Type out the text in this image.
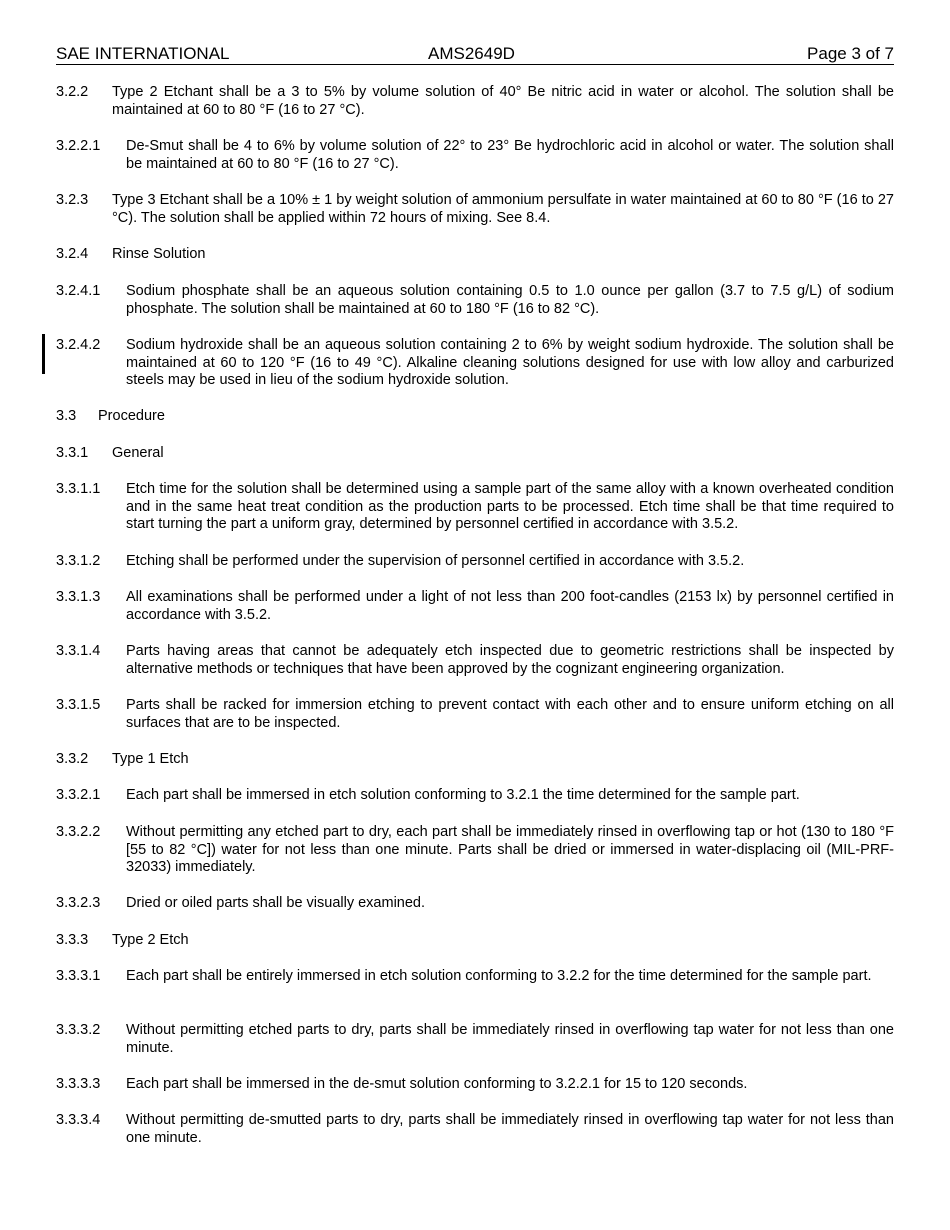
SAE INTERNATIONAL	AMS2649D	Page 3 of 7
3.2.2 Type 2 Etchant shall be a 3 to 5% by volume solution of 40° Be nitric acid in water or alcohol. The solution shall be maintained at 60 to 80 °F (16 to 27 °C).
3.2.2.1 De-Smut shall be 4 to 6% by volume solution of 22° to 23° Be hydrochloric acid in alcohol or water. The solution shall be maintained at 60 to 80 °F (16 to 27 °C).
3.2.3 Type 3 Etchant shall be a 10% ± 1 by weight solution of ammonium persulfate in water maintained at 60 to 80 °F (16 to 27 °C). The solution shall be applied within 72 hours of mixing. See 8.4.
3.2.4 Rinse Solution
3.2.4.1 Sodium phosphate shall be an aqueous solution containing 0.5 to 1.0 ounce per gallon (3.7 to 7.5 g/L) of sodium phosphate. The solution shall be maintained at 60 to 180 °F (16 to 82 °C).
3.2.4.2 Sodium hydroxide shall be an aqueous solution containing 2 to 6% by weight sodium hydroxide. The solution shall be maintained at 60 to 120 °F (16 to 49 °C). Alkaline cleaning solutions designed for use with low alloy and carburized steels may be used in lieu of the sodium hydroxide solution.
3.3 Procedure
3.3.1 General
3.3.1.1 Etch time for the solution shall be determined using a sample part of the same alloy with a known overheated condition and in the same heat treat condition as the production parts to be processed. Etch time shall be that time required to start turning the part a uniform gray, determined by personnel certified in accordance with 3.5.2.
3.3.1.2 Etching shall be performed under the supervision of personnel certified in accordance with 3.5.2.
3.3.1.3 All examinations shall be performed under a light of not less than 200 foot-candles (2153 lx) by personnel certified in accordance with 3.5.2.
3.3.1.4 Parts having areas that cannot be adequately etch inspected due to geometric restrictions shall be inspected by alternative methods or techniques that have been approved by the cognizant engineering organization.
3.3.1.5 Parts shall be racked for immersion etching to prevent contact with each other and to ensure uniform etching on all surfaces that are to be inspected.
3.3.2 Type 1 Etch
3.3.2.1 Each part shall be immersed in etch solution conforming to 3.2.1 the time determined for the sample part.
3.3.2.2 Without permitting any etched part to dry, each part shall be immediately rinsed in overflowing tap or hot (130 to 180 °F [55 to 82 °C]) water for not less than one minute. Parts shall be dried or immersed in water-displacing oil (MIL-PRF-32033) immediately.
3.3.2.3 Dried or oiled parts shall be visually examined.
3.3.3 Type 2 Etch
3.3.3.1 Each part shall be entirely immersed in etch solution conforming to 3.2.2 for the time determined for the sample part.
3.3.3.2 Without permitting etched parts to dry, parts shall be immediately rinsed in overflowing tap water for not less than one minute.
3.3.3.3 Each part shall be immersed in the de-smut solution conforming to 3.2.2.1 for 15 to 120 seconds.
3.3.3.4 Without permitting de-smutted parts to dry, parts shall be immediately rinsed in overflowing tap water for not less than one minute.
